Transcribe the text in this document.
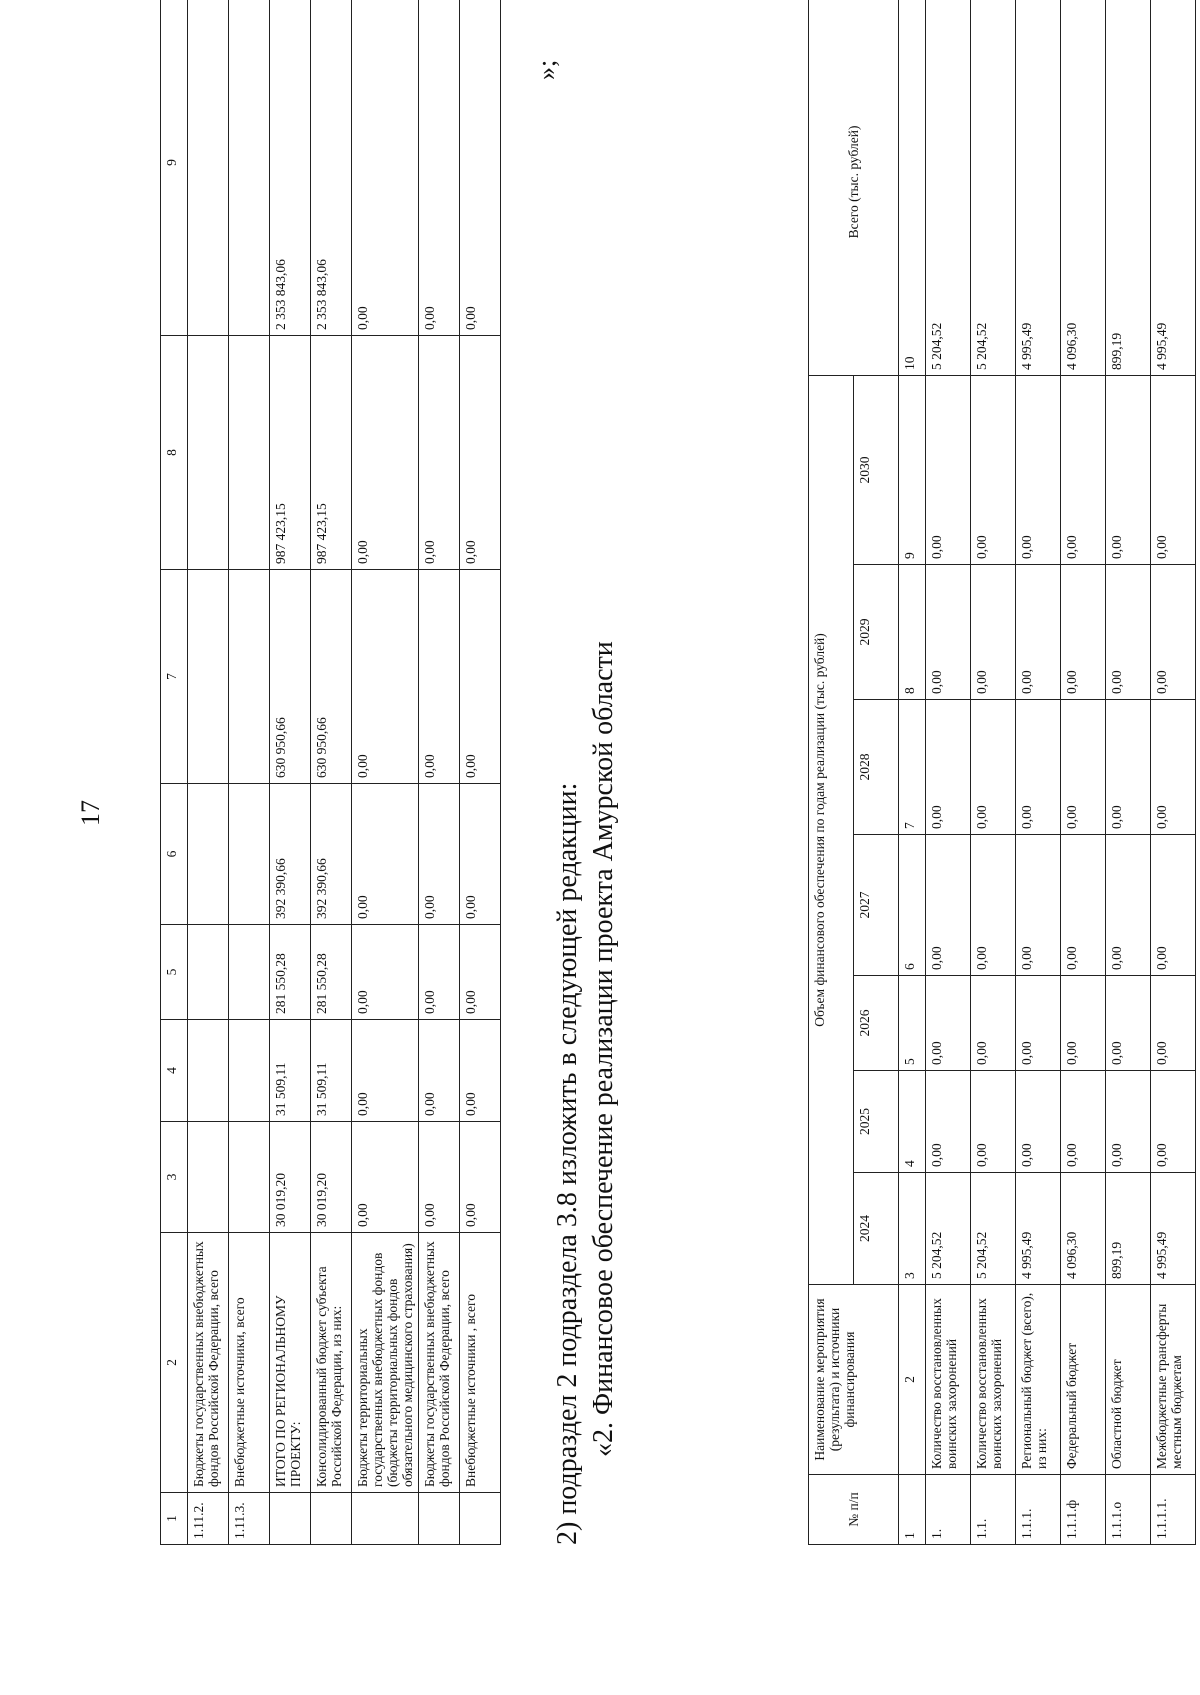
17
1	2	3	4	5	6	7	8	9
1.11.2.	Бюджеты государственных внебюджетных фондов Российской Федерации, всего							
1.11.3.	Внебюджетные источники, всего							
	ИТОГО ПО РЕГИОНАЛЬНОМУ ПРОЕКТУ:	30 019,20	31 509,11	281 550,28	392 390,66	630 950,66	987 423,15	2 353 843,06
	Консолидированный бюджет субъекта Российской Федерации, из них:	30 019,20	31 509,11	281 550,28	392 390,66	630 950,66	987 423,15	2 353 843,06
	Бюджеты территориальных государственных внебюджетных фондов (бюджеты территориальных фондов обязательного медицинского страхования)	0,00	0,00	0,00	0,00	0,00	0,00	0,00
	Бюджеты государственных внебюджетных фондов Российской Федерации, всего	0,00	0,00	0,00	0,00	0,00	0,00	0,00
	Внебюджетные источники , всего	0,00	0,00	0,00	0,00	0,00	0,00	0,00
2) подраздел 2 подраздела 3.8 изложить в следующей редакции: «2. Финансовое обеспечение реализации проекта Амурской области
»;
№ п/п	Наименование мероприятия (результата) и источники финансирования	Объем финансового обеспечения по годам реализации (тыс. рублей)							Всего (тыс. рублей)
		2024	2025	2026	2027	2028	2029	2030	
1	2	3	4	5	6	7	8	9	10
1.	Количество восстановленных воинских захоронений	5 204,52	0,00	0,00	0,00	0,00	0,00	0,00	5 204,52
1.1.	Количество восстановленных воинских захоронений	5 204,52	0,00	0,00	0,00	0,00	0,00	0,00	5 204,52
1.1.1.	Региональный бюджет (всего), из них:	4 995,49	0,00	0,00	0,00	0,00	0,00	0,00	4 995,49
1.1.1.ф	Федеральный бюджет	4 096,30	0,00	0,00	0,00	0,00	0,00	0,00	4 096,30
1.1.1.о	Областной бюджет	899,19	0,00	0,00	0,00	0,00	0,00	0,00	899,19
1.1.1.1.	Межбюджетные трансферты местным бюджетам	4 995,49	0,00	0,00	0,00	0,00	0,00	0,00	4 995,49
